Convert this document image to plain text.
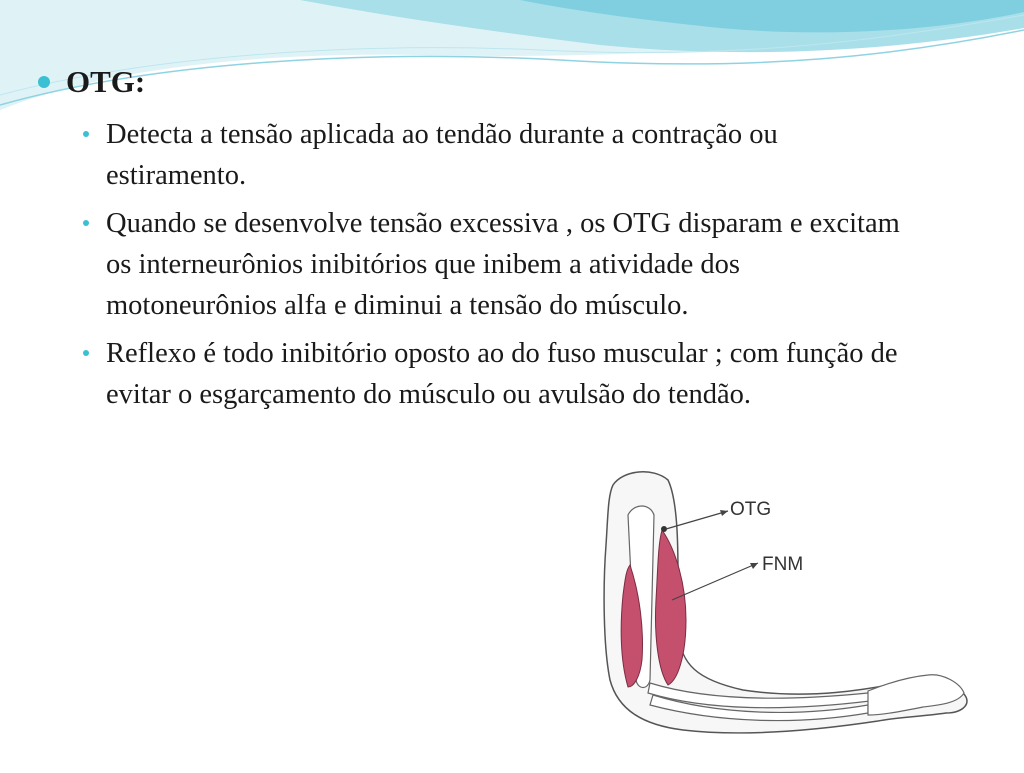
OTG:
Detecta a tensão aplicada ao tendão durante a contração ou estiramento.
Quando se desenvolve tensão excessiva , os OTG disparam e excitam os interneurônios inibitórios que inibem a atividade dos motoneurônios alfa e diminui a tensão do músculo.
Reflexo é todo inibitório oposto ao do fuso muscular ; com função de evitar o esgarçamento do músculo ou avulsão do tendão.
OTG
FNM
